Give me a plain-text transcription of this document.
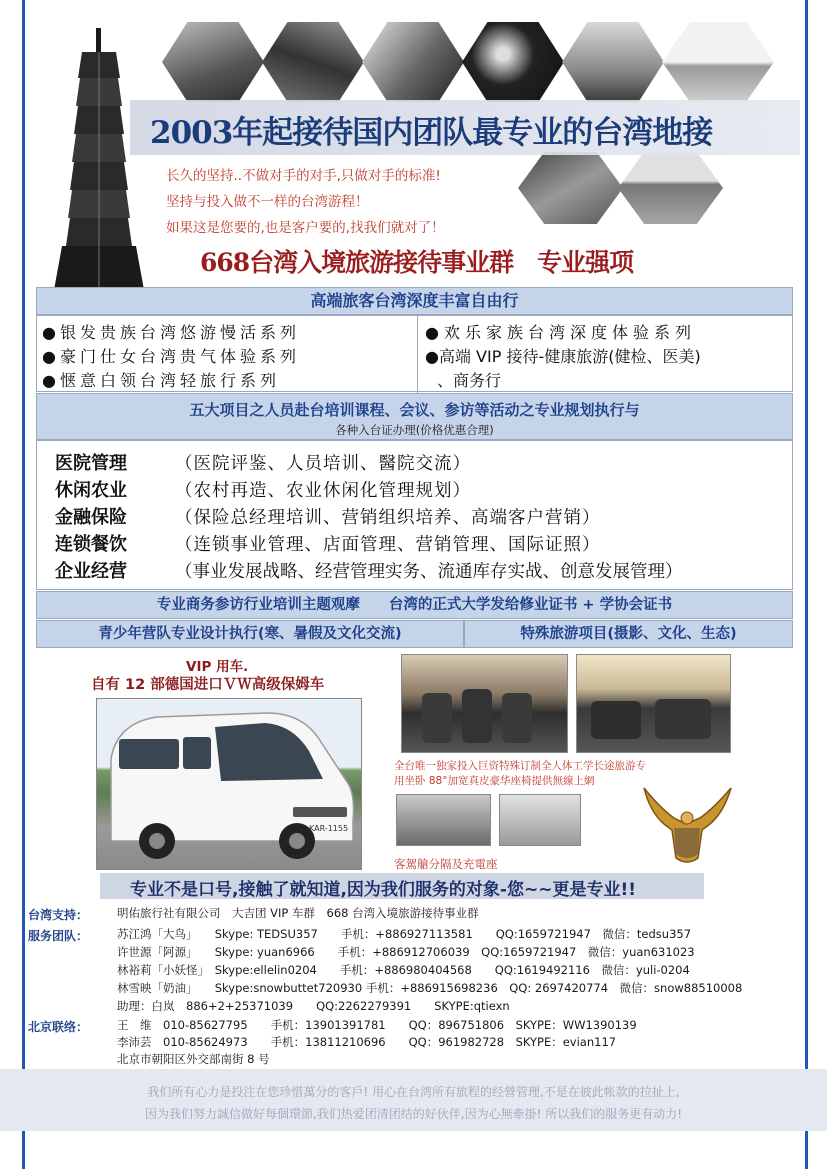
2003年起接待国内团队最专业的台湾地接
长久的坚持..不做对手的对手,只做对手的标准!
坚持与投入做不一样的台湾游程！
如果这是您要的,也是客户要的,找我们就对了！
668台湾入境旅游接待事业群　专业强项
高端旅客台湾深度丰富自由行
●银发贵族台湾悠游慢活系列
●豪门仕女台湾贵气体验系列
●惬意白领台湾轻旅行系列
●欢乐家族台湾深度体验系列
●高端 VIP 接待-健康旅游(健检、医美)
、商务行
五大项目之人员赴台培训课程、会议、参访等活动之专业规划执行与
各种入台证办理(价格优惠合理)
医院管理	（医院评鉴、人员培训、醫院交流）
休闲农业	（农村再造、农业休闲化管理规划）
金融保险	（保险总经理培训、营销组织培养、高端客户营销）
连锁餐饮	（连锁事业管理、店面管理、营销管理、国际证照）
企业经营	（事业发展战略、经营管理实务、流通库存实战、创意发展管理）
专业商务参访行业培训主题观摩　　台湾的正式大学发给修业证书 + 学协会证书
青少年营队专业设计执行(寒、暑假及文化交流)	特殊旅游项目(摄影、文化、生态)
VIP 用车.
自有 12 部德国进口ＶＷ高级保姆车
KAR-1155
全台唯一独家投入巨资特殊订制全人体工学长途旅游专
用坐卧 88°加宽真皮豪华座椅提供無線上網
客駕艙分隔及充電座
专业不是口号,接触了就知道,因为我们服务的对象-您~~更是专业!!
台湾支持：	明佑旅行社有限公司　大吉团 VIP 车群　668 台湾入境旅游接待事业群
服务团队：	苏江鸿「大鸟」　　Skype: TEDSU357　　手机：+886927113581　　QQ:1659721947　微信：tedsu357
许世源「阿源」　　Skype: yuan6966　　手机：+886912706039　QQ:1659721947　微信：yuan631023
林裕莉「小妖怪」　Skype:ellelin0204　　手机：+886980404568　　QQ:1619492116　微信：yuli-0204
林雪映「奶油」　　Skype:snowbuttet720930 手机：+886915698236　QQ: 2697420774　微信：snow88510008
助理：白岚　886+2+25371039　　QQ:2262279391　　SKYPE:qtiexn
北京联络：	王　维　010-85627795　　手机：13901391781　　QQ：896751806　SKYPE：WW1390139
李沛芸　010-85624973　　手机：13811210696　　QQ：961982728　SKYPE：evian117
北京市朝阳区外交部南街 8 号
我们所有心力是投注在您珍惜萬分的客戶! 用心在台湾所有旅程的经營管理,不是在彼此帐款的拉扯上,
因为我们努力誠信做好每個環節,我们热爱团清团结的好伙伴,因为心無牽掛! 所以我们的服务更有动力!
